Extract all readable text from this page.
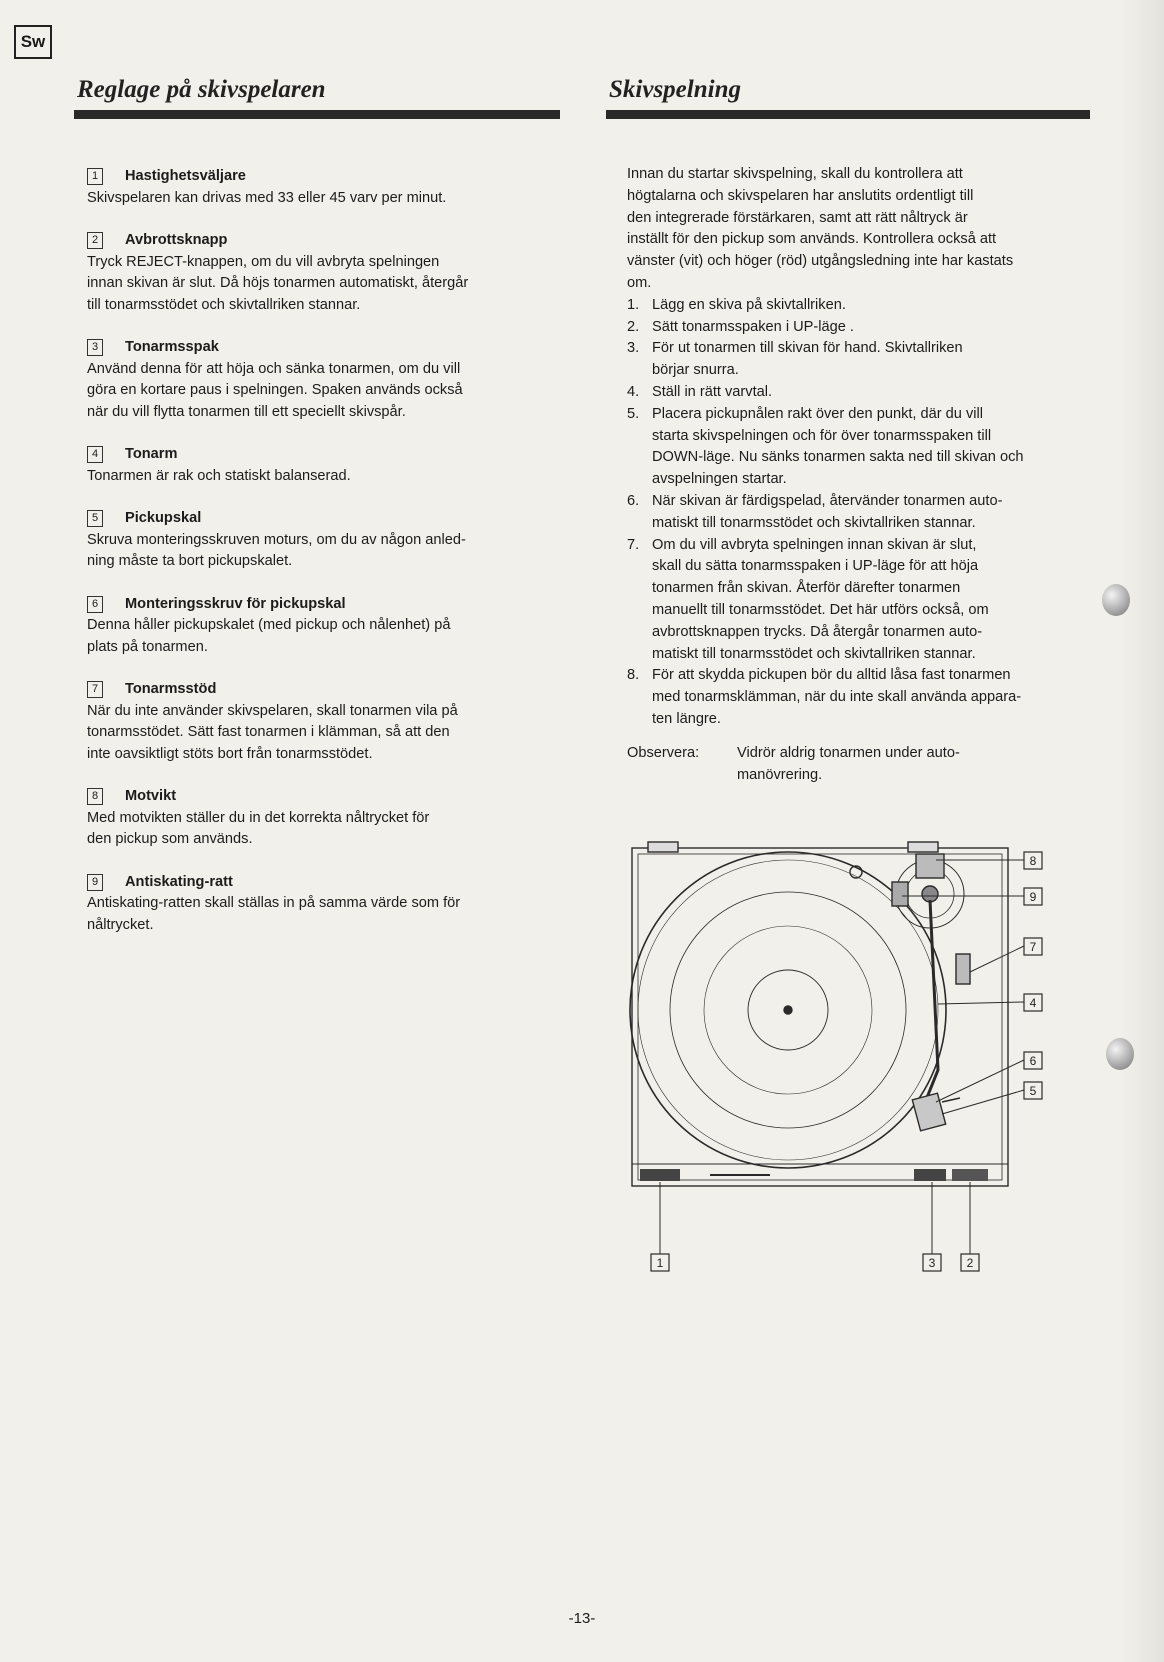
Sw
Reglage på skivspelaren	Skivspelning
1	Hastighetsväljare
Skivspelaren kan drivas med 33 eller 45 varv per minut.
2	Avbrottsknapp
Tryck REJECT-knappen, om du vill avbryta spelningen
innan skivan är slut. Då höjs tonarmen automatiskt, återgår
till tonarmsstödet och skivtallriken stannar.
3	Tonarmsspak
Använd denna för att höja och sänka tonarmen, om du vill
göra en kortare paus i spelningen. Spaken används också
när du vill flytta tonarmen till ett speciellt skivspår.
4	Tonarm
Tonarmen är rak och statiskt balanserad.
5	Pickupskal
Skruva monteringsskruven moturs, om du av någon anled-
ning måste ta bort pickupskalet.
6	Monteringsskruv för pickupskal
Denna håller pickupskalet (med pickup och nålenhet) på
plats på tonarmen.
7	Tonarmsstöd
När du inte använder skivspelaren, skall tonarmen vila på
tonarmsstödet. Sätt fast tonarmen i klämman, så att den
inte oavsiktligt stöts bort från tonarmsstödet.
8	Motvikt
Med motvikten ställer du in det korrekta nåltrycket för
den pickup som används.
9	Antiskating-ratt
Antiskating-ratten skall ställas in på samma värde som för
nåltrycket.

Innan du startar skivspelning, skall du kontrollera att

högtalarna och skivspelaren har anslutits ordentligt till

den integrerade förstärkaren, samt att rätt nåltryck är

inställt för den pickup som används. Kontrollera också att

vänster (vit) och höger (röd) utgångsledning inte har kastats

om.

1. Lägg en skiva på skivtallriken.
2. Sätt tonarmsspaken i UP-läge .
3. För ut tonarmen till skivan för hand. Skivtallriken
börjar snurra.
4. Ställ in rätt varvtal.
5. Placera pickupnålen rakt över den punkt, där du vill
starta skivspelningen och för över tonarmsspaken till
DOWN-läge. Nu sänks tonarmen sakta ned till skivan och
avspelningen startar.
6. När skivan är färdigspelad, återvänder tonarmen auto-
matiskt till tonarmsstödet och skivtallriken stannar.
7. Om du vill avbryta spelningen innan skivan är slut,
skall du sätta tonarmsspaken i UP-läge för att höja
tonarmen från skivan. Återför därefter tonarmen
manuellt till tonarmsstödet. Det här utförs också, om
avbrottsknappen trycks. Då återgår tonarmen auto-
matiskt till tonarmsstödet och skivtallriken stannar.
8. För att skydda pickupen bör du alltid låsa fast tonarmen
med tonarmsklämman, när du inte skall använda appara-
ten längre.
Observera:	Vidrör aldrig tonarmen under auto-
manövrering.
8
9
7
4
6
5
1	3	2
-13-
